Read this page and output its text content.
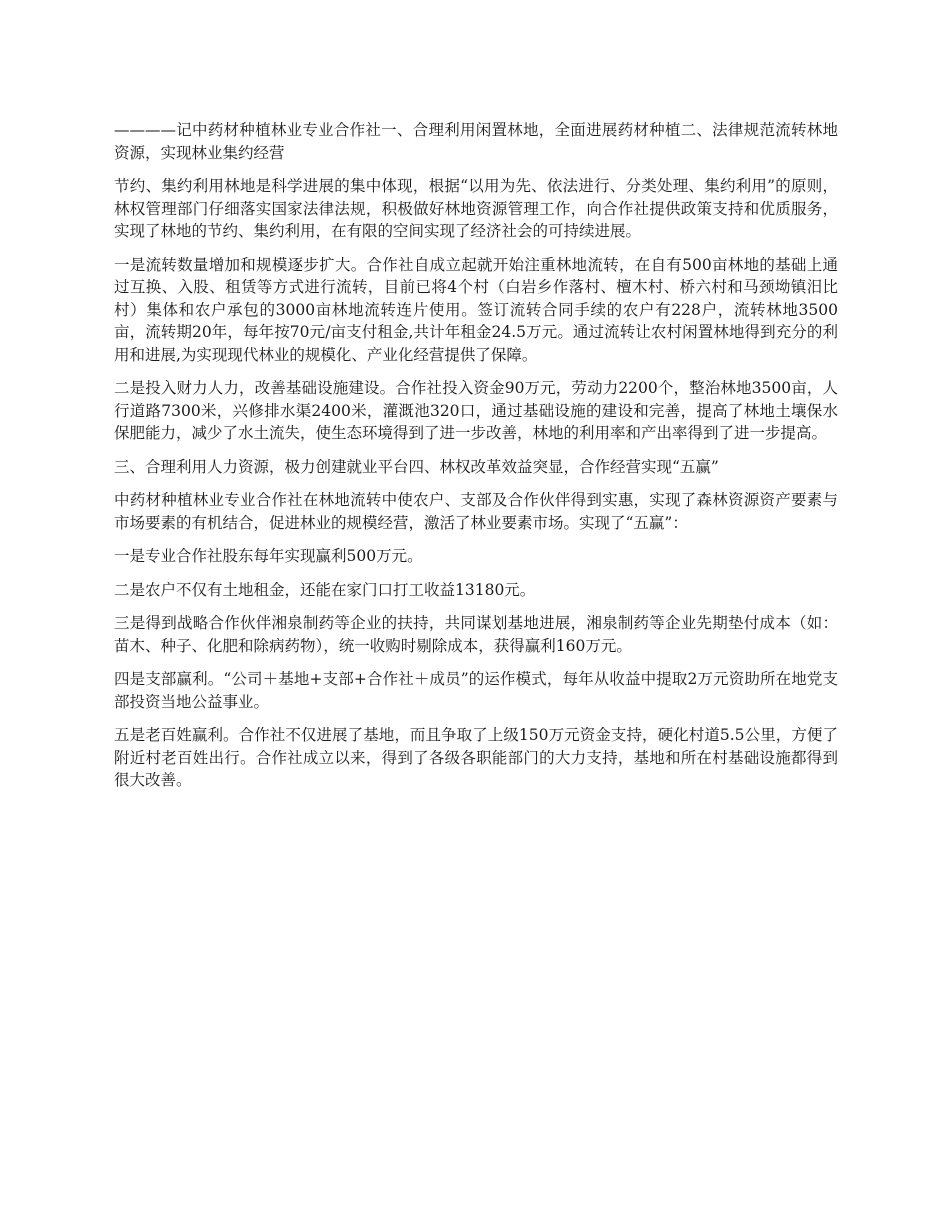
————记中药材种植林业专业合作社一、合理利用闲置林地，全面进展药材种植二、法律规范流转林地资源，实现林业集约经营

节约、集约利用林地是科学进展的集中体现，根据“以用为先、依法进行、分类处理、集约利用”的原则，林权管理部门仔细落实国家法律法规，积极做好林地资源管理工作，向合作社提供政策支持和优质服务，实现了林地的节约、集约利用，在有限的空间实现了经济社会的可持续进展。

一是流转数量增加和规模逐步扩大。合作社自成立起就开始注重林地流转，在自有500亩林地的基础上通过互换、入股、租赁等方式进行流转，目前已将4个村（白岩乡作落村、檀木村、桥六村和马颈坳镇汨比村）集体和农户承包的3000亩林地流转连片使用。签订流转合同手续的农户有228户，流转林地3500亩，流转期20年，每年按70元/亩支付租金,共计年租金24.5万元。通过流转让农村闲置林地得到充分的利用和进展,为实现现代林业的规模化、产业化经营提供了保障。

二是投入财力人力，改善基础设施建设。合作社投入资金90万元，劳动力2200个，整治林地3500亩，人行道路7300米，兴修排水渠2400米，灌溉池320口，通过基础设施的建设和完善，提高了林地土壤保水保肥能力，减少了水土流失，使生态环境得到了进一步改善，林地的利用率和产出率得到了进一步提高。

三、合理利用人力资源，极力创建就业平台四、林权改革效益突显，合作经营实现“五赢”

中药材种植林业专业合作社在林地流转中使农户、支部及合作伙伴得到实惠，实现了森林资源资产要素与市场要素的有机结合，促进林业的规模经营，激活了林业要素市场。实现了“五赢”：

一是专业合作社股东每年实现赢利500万元。

二是农户不仅有土地租金，还能在家门口打工收益13180元。

三是得到战略合作伙伴湘泉制药等企业的扶持，共同谋划基地进展，湘泉制药等企业先期垫付成本（如：苗木、种子、化肥和除病药物），统一收购时剔除成本，获得赢利160万元。

四是支部赢利。“公司＋基地+支部+合作社＋成员”的运作模式，每年从收益中提取2万元资助所在地党支部投资当地公益事业。

五是老百姓赢利。合作社不仅进展了基地，而且争取了上级150万元资金支持，硬化村道5.5公里，方便了附近村老百姓出行。合作社成立以来，得到了各级各职能部门的大力支持，基地和所在村基础设施都得到很大改善。
